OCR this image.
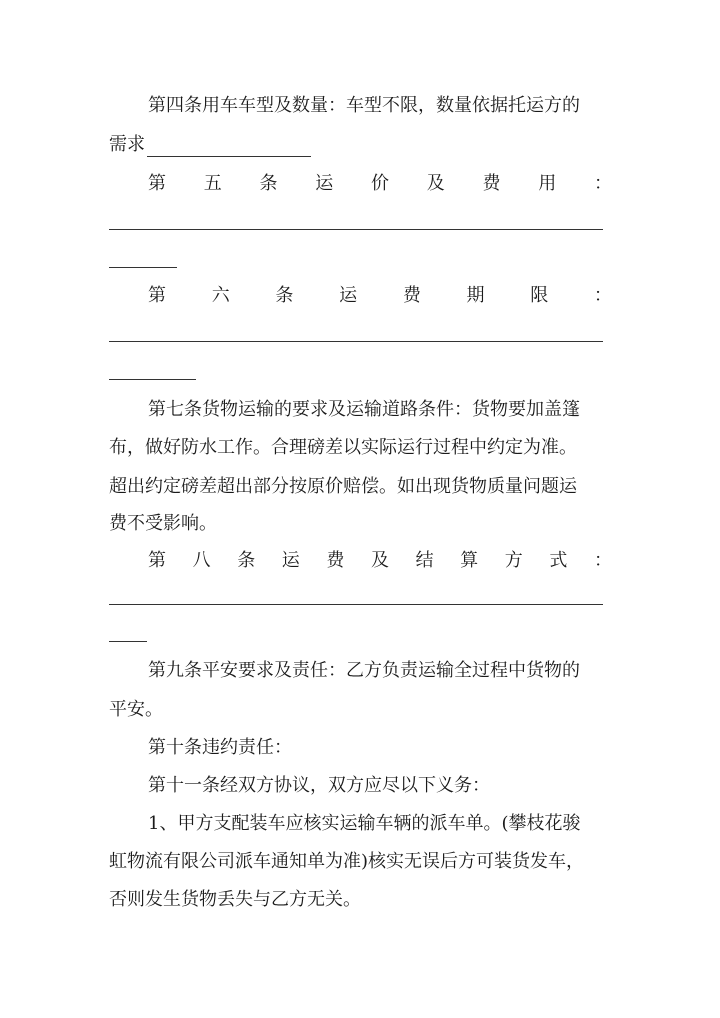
第四条用车车型及数量：车型不限，数量依据托运方的
需求
第 五 条 运 价 及 费 用 ：
第	六	条	运	费	期	限	：
第七条货物运输的要求及运输道路条件：货物要加盖篷
布，做好防水工作。合理磅差以实际运行过程中约定为准。
超出约定磅差超出部分按原价赔偿。如出现货物质量问题运
费不受影响。
第 八 条 运 费 及 结 算 方 式 ：
第九条平安要求及责任：乙方负责运输全过程中货物的
平安。
第十条违约责任：
第十一条经双方协议，双方应尽以下义务：
1、甲方支配装车应核实运输车辆的派车单。(攀枝花骏
虹物流有限公司派车通知单为准)核实无误后方可装货发车，
否则发生货物丢失与乙方无关。
